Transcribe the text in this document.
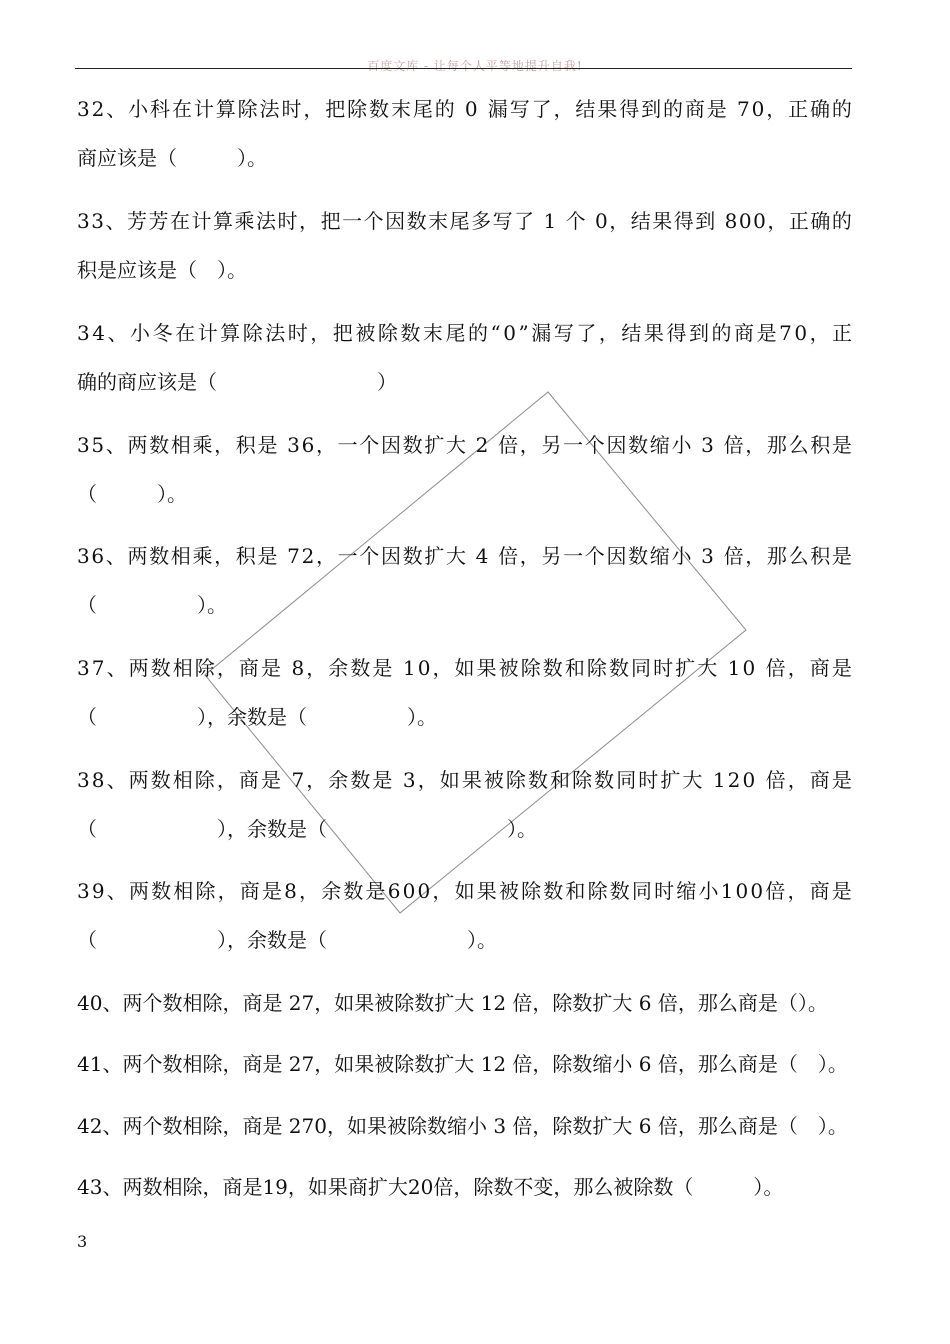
百度文库 - 让每个人平等地提升自我!
32、小科在计算除法时，把除数末尾的 0 漏写了，结果得到的商是 70，正确的
商应该是（　　　）。
33、芳芳在计算乘法时，把一个因数末尾多写了 1 个 0，结果得到 800，正确的
积是应该是（　）。
34、小冬在计算除法时，把被除数末尾的“0”漏写了，结果得到的商是70，正
确的商应该是（　　　　　　　　）
35、两数相乘，积是 36，一个因数扩大 2 倍，另一个因数缩小 3 倍，那么积是
（　　　）。
36、两数相乘，积是 72，一个因数扩大 4 倍，另一个因数缩小 3 倍，那么积是
（　　　　　）。
37、两数相除，商是 8，余数是 10，如果被除数和除数同时扩大 10 倍，商是
（　　　　　），余数是（　　　　　）。
38、两数相除，商是 7，余数是 3，如果被除数和除数同时扩大 120 倍，商是
（　　　　　　），余数是（　　　　　　　　　）。
39、两数相除，商是8，余数是600，如果被除数和除数同时缩小100倍，商是
（　　　　　　），余数是（　　　　　　　）。
40、两个数相除，商是 27，如果被除数扩大 12 倍，除数扩大 6 倍，那么商是（）。
41、两个数相除，商是 27，如果被除数扩大 12 倍，除数缩小 6 倍，那么商是（　）。
42、两个数相除，商是 270，如果被除数缩小 3 倍，除数扩大 6 倍，那么商是（　）。
43、两数相除，商是19，如果商扩大20倍，除数不变，那么被除数（　　　）。
3
